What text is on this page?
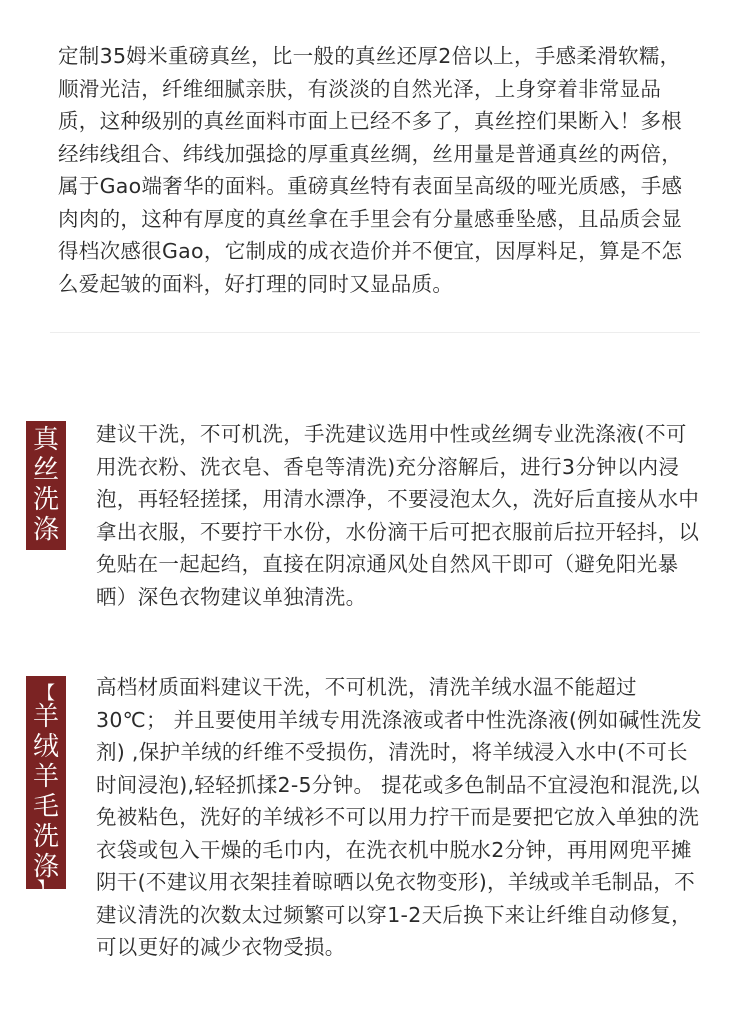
定制35姆米重磅真丝，比一般的真丝还厚2倍以上，手感柔滑软糯，顺滑光洁，纤维细腻亲肤，有淡淡的自然光泽，上身穿着非常显品质，这种级别的真丝面料市面上已经不多了，真丝控们果断入！多根经纬线组合、纬线加强捻的厚重真丝绸，丝用量是普通真丝的两倍，属于Gao端奢华的面料。重磅真丝特有表面呈高级的哑光质感，手感肉肉的，这种有厚度的真丝拿在手里会有分量感垂坠感，且品质会显得档次感很Gao，它制成的成衣造价并不便宜，因厚料足，算是不怎么爱起皱的面料，好打理的同时又显品质。
真
丝
洗
涤
建议干洗，不可机洗，手洗建议选用中性或丝绸专业洗涤液(不可用洗衣粉、洗衣皂、香皂等清洗)充分溶解后，进行3分钟以内浸泡，再轻轻搓揉，用清水漂净，不要浸泡太久，洗好后直接从水中拿出衣服，不要拧干水份，水份滴干后可把衣服前后拉开轻抖，以免贴在一起起绉，直接在阴凉通风处自然风干即可（避免阳光暴晒）深色衣物建议单独清洗。
【
羊
绒
羊
毛
洗
涤
】
高档材质面料建议干洗，不可机洗，清洗羊绒水温不能超过30℃； 并且要使用羊绒专用洗涤液或者中性洗涤液(例如碱性洗发剂) ,保护羊绒的纤维不受损伤，清洗时，将羊绒浸入水中(不可长时间浸泡),轻轻抓揉2-5分钟。 提花或多色制品不宜浸泡和混洗,以免被粘色，洗好的羊绒衫不可以用力拧干而是要把它放入单独的洗衣袋或包入干燥的毛巾内，在洗衣机中脱水2分钟，再用网兜平摊阴干(不建议用衣架挂着晾晒以免衣物变形)，羊绒或羊毛制品，不建议清洗的次数太过频繁可以穿1-2天后换下来让纤维自动修复，可以更好的减少衣物受损。
